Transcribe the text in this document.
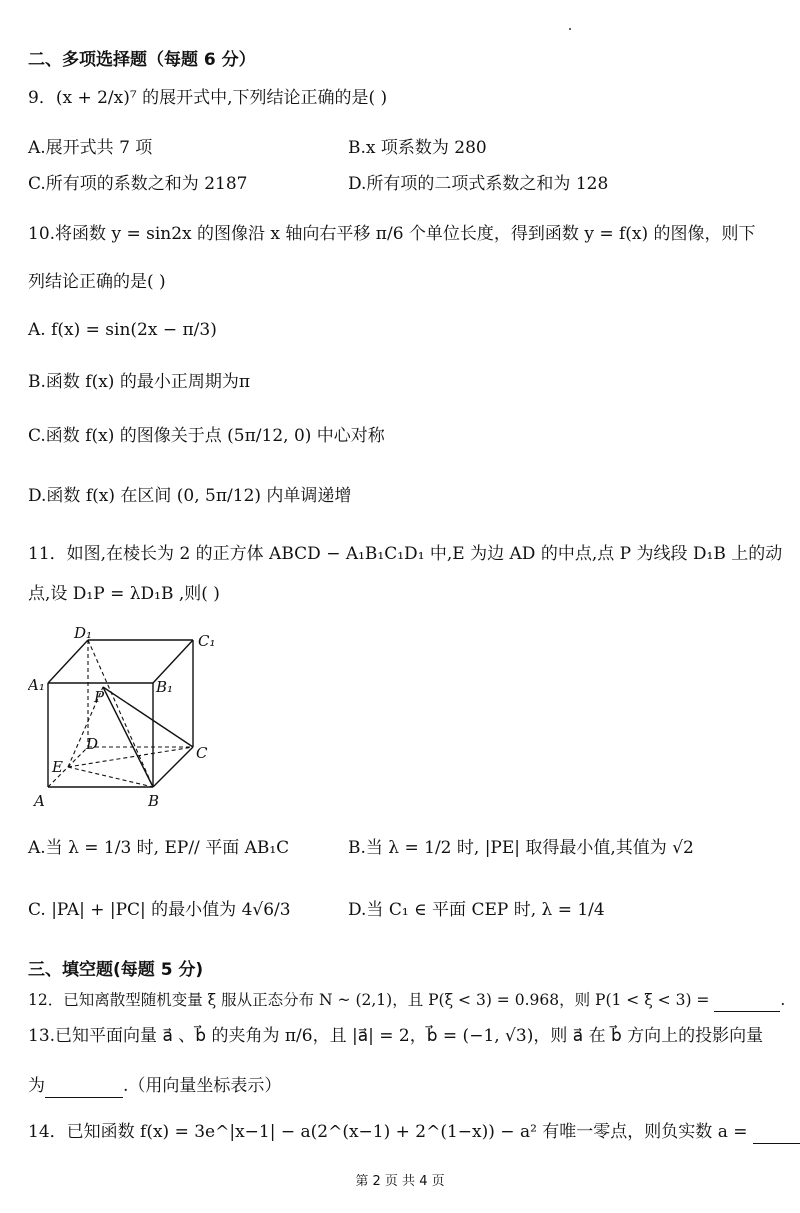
二、多项选择题（每题 6 分）
9．(x + 2/x)⁷ 的展开式中,下列结论正确的是( )
A.展开式共 7 项	B.x 项系数为 280
C.所有项的系数之和为 2187	D.所有项的二项式系数之和为 128
10.将函数 y = sin2x 的图像沿 x 轴向右平移 π/6 个单位长度，得到函数 y = f(x) 的图像，则下
列结论正确的是( )
A. f(x) = sin(2x − π/3)
B.函数 f(x) 的最小正周期为π
C.函数 f(x) 的图像关于点 (5π/12, 0) 中心对称
D.函数 f(x) 在区间 (0, 5π/12) 内单调递增
11．如图,在棱长为 2 的正方体 ABCD − A₁B₁C₁D₁ 中,E 为边 AD 的中点,点 P 为线段 D₁B 上的动
点,设 D₁P = λD₁B ,则( )
D₁	C₁
A₁	B₁
P
D	C
E
A	B
A.当 λ = 1/3 时, EP// 平面 AB₁C	B.当 λ = 1/2 时, |PE| 取得最小值,其值为 √2
C. |PA| + |PC| 的最小值为 4√6/3	D.当 C₁ ∈ 平面 CEP 时, λ = 1/4
三、填空题(每题 5 分)
12．已知离散型随机变量 ξ 服从正态分布 N ~ (2,1)，且 P(ξ < 3) = 0.968，则 P(1 < ξ < 3) =	.
13.已知平面向量 a⃗ 、b⃗ 的夹角为 π/6，且 |a⃗| = 2，b⃗ = (−1, √3)，则 a⃗ 在 b⃗ 方向上的投影向量
为	.（用向量坐标表示）
14．已知函数 f(x) = 3e^|x−1| − a(2^(x−1) + 2^(1−x)) − a² 有唯一零点，则负实数 a =
第 2 页 共 4 页
